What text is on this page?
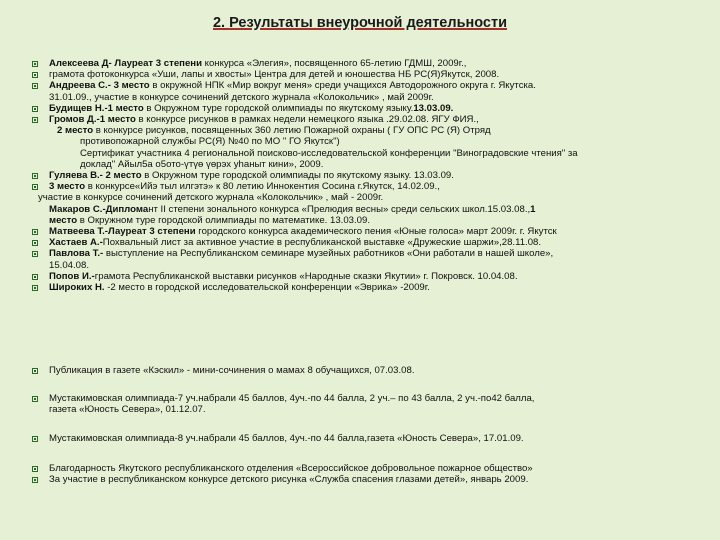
2. Результаты внеурочной деятельности
Алексеева Д- Лауреат 3 степени конкурса «Элегия», посвященного 65-летию ГДМШ, 2009г.,
грамота фотоконкурса «Уши, лапы и хвосты» Центра для детей и юношества НБ РС(Я)Якутск, 2008.
Андреева С.- 3 место в окружной НПК «Мир вокруг меня» среди учащихся Автодорожного округа г. Якутска.
31.01.09., участие в конкурсе сочинений детского журнала «Колокольчик» , май 2009г.
Будищев Н.-1 место в Окружном туре городской олимпиады по якутскому языку.13.03.09.
Громов Д.-1 место в конкурсе рисунков в рамках недели немецкого языка .29.02.08. ЯГУ ФИЯ.,
2 место в конкурсе рисунков, посвященных 360 летию Пожарной охраны ( ГУ ОПС РС (Я) Отряд
противопожарной службы РС(Я) №40 по МО " ГО Якутск")
Сертификат участника 4 региональной поисково-исследовательской конференции "Виноградовские чтения" за
доклад" Айыл5а о5ото-үтүө үөрэх уһаныт кини», 2009.
Гуляева В.- 2 место в Окружном туре городской олимпиады по якутскому языку. 13.03.09.
3 место в конкурсе«Ийэ тыл илгэтэ» к 80 летию Иннокентия Сосина г.Якутск, 14.02.09.,
участие в конкурсе сочинений детского журнала «Колокольчик» , май - 2009г.
Макаров С.-Дипломант II степени зонального конкурса «Прелюдия весны» среди сельских школ.15.03.08.,1
место в Окружном туре городской олимпиады по математике. 13.03.09.
Матвеева Т.-Лауреат 3 степени городского конкурса академического пения «Юные голоса» март 2009г. г. Якутск
Хастаев А.-Похвальный лист за активное участие в республиканской выставке «Дружеские шаржи»,28.11.08.
Павлова Т.- выступление на Республиканском семинаре музейных работников «Они работали в нашей школе»,
15.04.08.
Попов И.-грамота Республиканской выставки рисунков «Народные сказки Якутии» г. Покровск. 10.04.08.
Широких Н. -2 место в городской исследовательской конференции «Эврика» -2009г.
Публикация в газете «Кэскил» - мини-сочинения о мамах 8 обучащихся, 07.03.08.
Мустакимовская олимпиада-7 уч.набрали 45 баллов, 4уч.-по 44 балла, 2 уч.– по 43 балла, 2 уч.-по42 балла,
газета «Юность Севера», 01.12.07.
Мустакимовская олимпиада-8 уч.набрали 45 баллов, 4уч.-по 44 балла,газета «Юность Севера», 17.01.09.
Благодарность Якутского республиканского отделения «Всероссийское добровольное пожарное общество»
За участие в республиканском конкурсе детского рисунка «Служба спасения глазами детей», январь 2009.
